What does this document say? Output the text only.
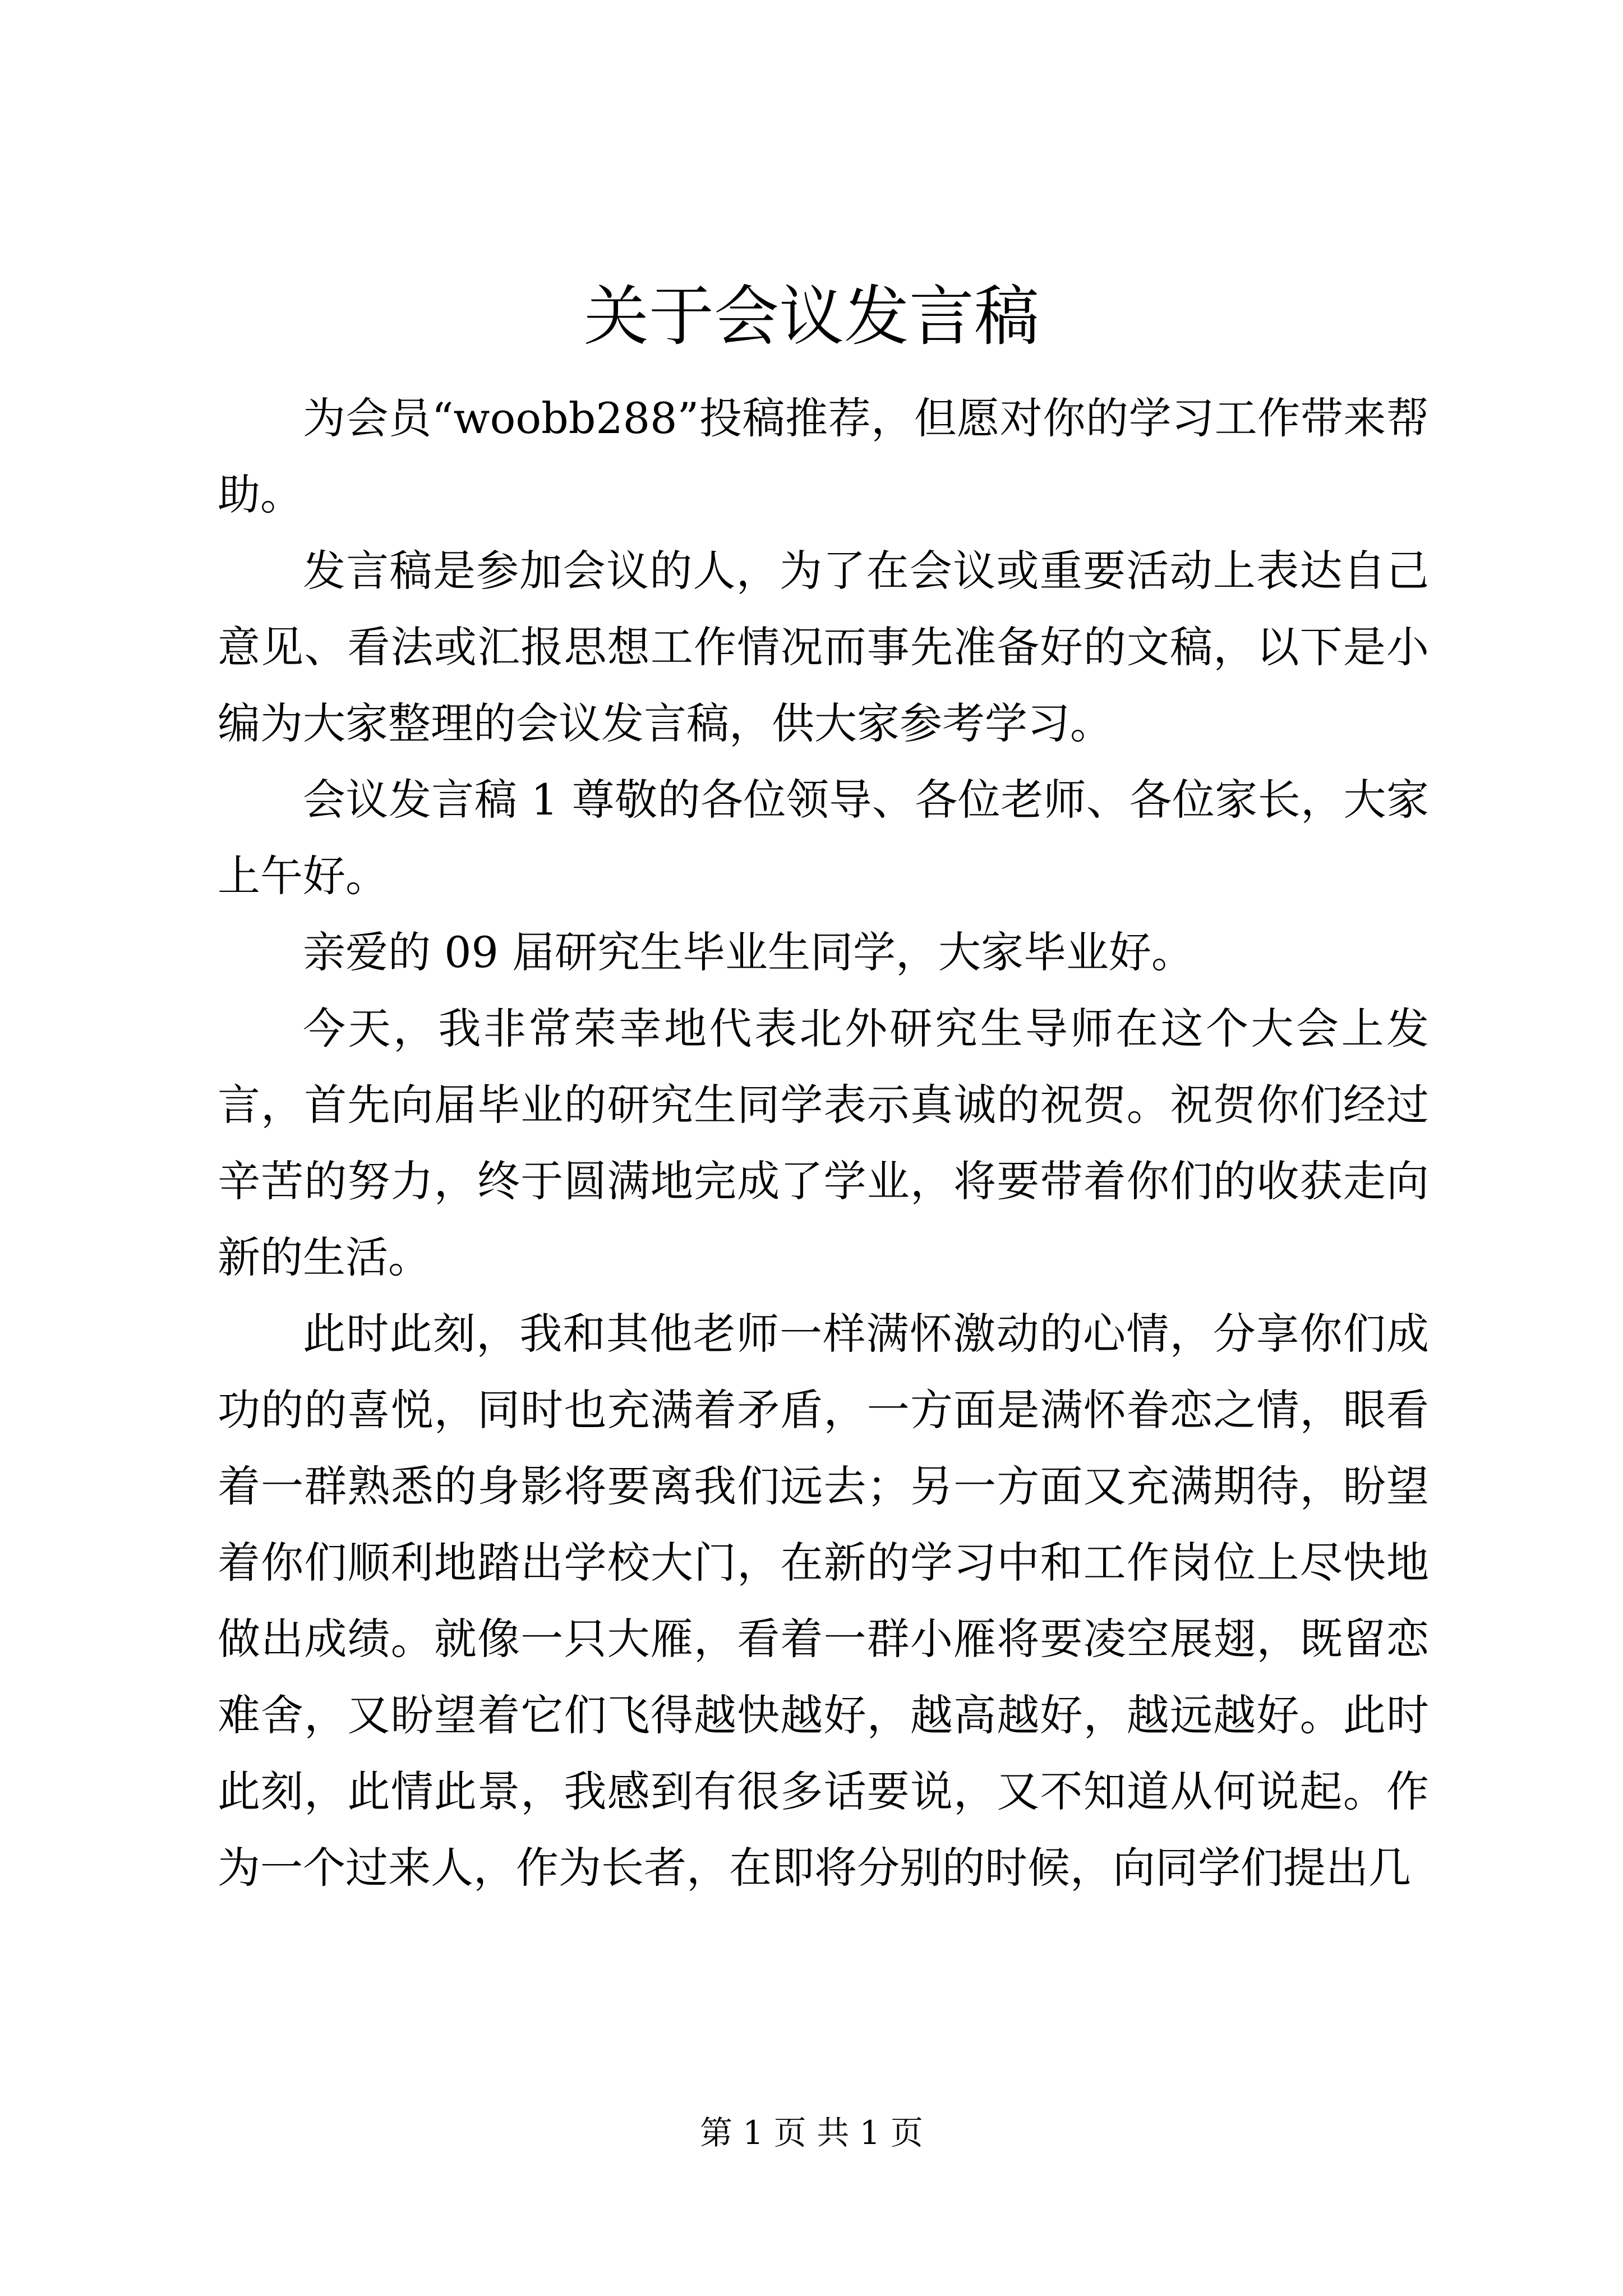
关于会议发言稿

为会员“woobb288”投稿推荐，但愿对你的学习工作带来帮助。

发言稿是参加会议的人，为了在会议或重要活动上表达自己意见、看法或汇报思想工作情况而事先准备好的文稿，以下是小编为大家整理的会议发言稿，供大家参考学习。

会议发言稿 1 尊敬的各位领导、各位老师、各位家长，大家上午好。

亲爱的 09 届研究生毕业生同学，大家毕业好。

今天，我非常荣幸地代表北外研究生导师在这个大会上发言，首先向届毕业的研究生同学表示真诚的祝贺。祝贺你们经过辛苦的努力，终于圆满地完成了学业，将要带着你们的收获走向新的生活。

此时此刻，我和其他老师一样满怀激动的心情，分享你们成功的的喜悦，同时也充满着矛盾，一方面是满怀眷恋之情，眼看着一群熟悉的身影将要离我们远去；另一方面又充满期待，盼望着你们顺利地踏出学校大门，在新的学习中和工作岗位上尽快地做出成绩。就像一只大雁，看着一群小雁将要凌空展翅，既留恋难舍，又盼望着它们飞得越快越好，越高越好，越远越好。此时此刻，此情此景，我感到有很多话要说，又不知道从何说起。作为一个过来人，作为长者，在即将分别的时候，向同学们提出几

第 1 页 共 1 页
